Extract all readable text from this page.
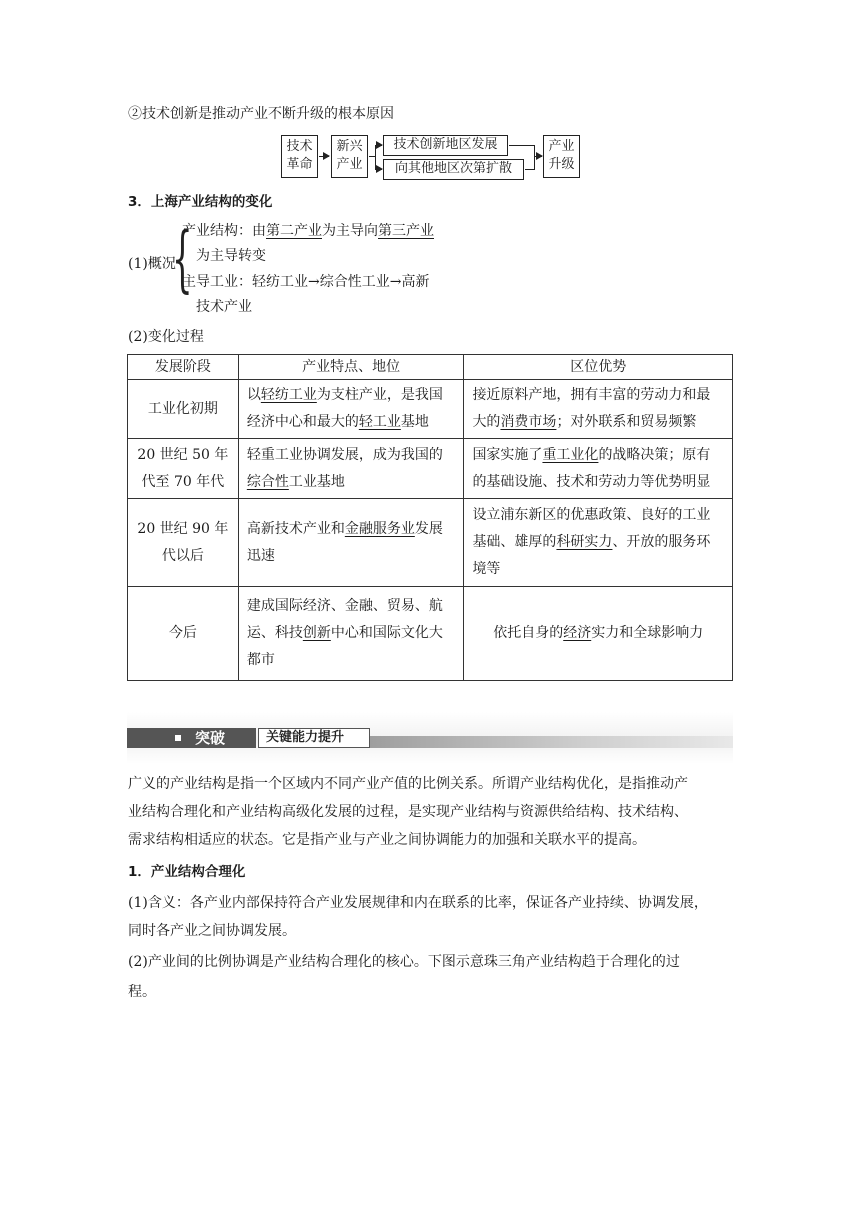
②技术创新是推动产业不断升级的根本原因
技术
革命
新兴
产业
技术创新地区发展
向其他地区次第扩散
产业
升级
3．上海产业结构的变化
(1)概况
{
产业结构：由第二产业为主导向第三产业
为主导转变
主导工业：轻纺工业→综合性工业→高新
技术产业
(2)变化过程
发展阶段	产业特点、地位	区位优势

工业化初期	以轻纺工业为支柱产业，是我国经济中心和最大的轻工业基地	接近原料产地，拥有丰富的劳动力和最大的消费市场；对外联系和贸易频繁

20 世纪 50 年
代至 70 年代	轻重工业协调发展，成为我国的综合性工业基地	国家实施了重工业化的战略决策；原有的基础设施、技术和劳动力等优势明显

20 世纪 90 年
代以后	高新技术产业和金融服务业发展迅速	设立浦东新区的优惠政策、良好的工业基础、雄厚的科研实力、开放的服务环境等

今后	建成国际经济、金融、贸易、航运、科技创新中心和国际文化大都市	依托自身的经济实力和全球影响力
突破	关键能力提升
广义的产业结构是指一个区域内不同产业产值的比例关系。所谓产业结构优化，是指推动产
业结构合理化和产业结构高级化发展的过程，是实现产业结构与资源供给结构、技术结构、
需求结构相适应的状态。它是指产业与产业之间协调能力的加强和关联水平的提高。
1．产业结构合理化
(1)含义：各产业内部保持符合产业发展规律和内在联系的比率，保证各产业持续、协调发展，
同时各产业之间协调发展。
(2)产业间的比例协调是产业结构合理化的核心。下图示意珠三角产业结构趋于合理化的过
程。
